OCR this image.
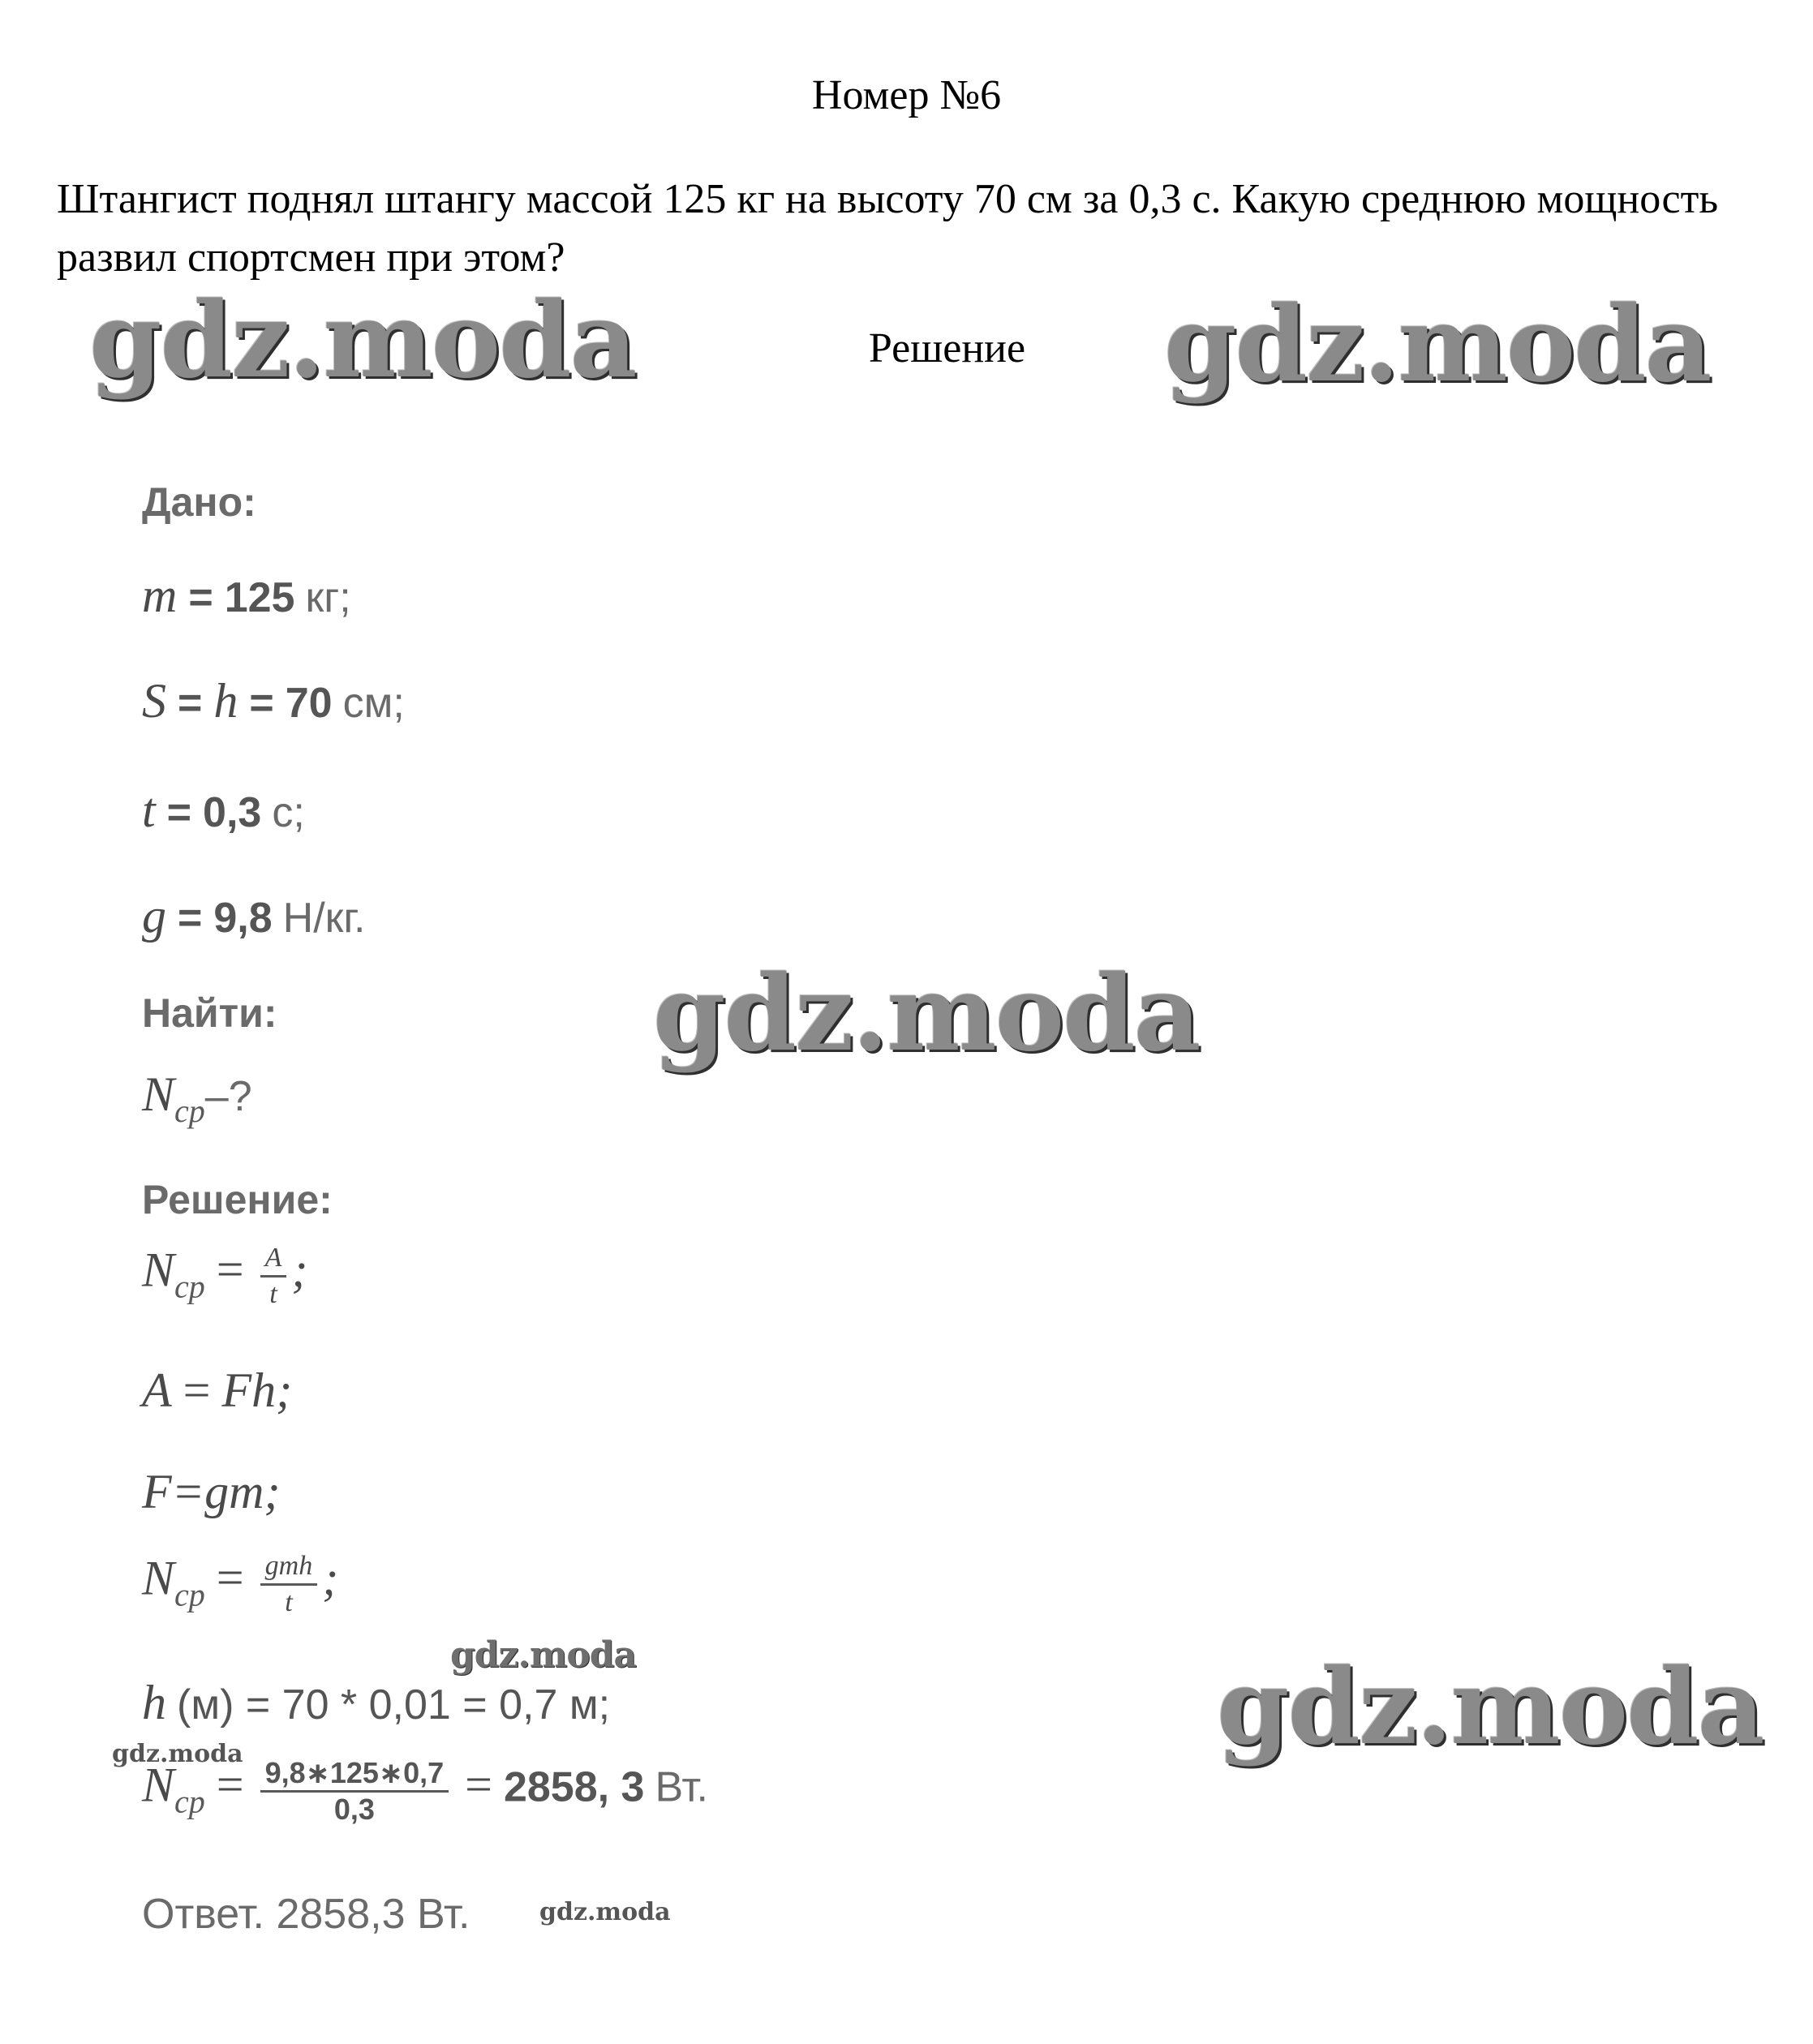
Номер №6
Штангист поднял штангу массой 125 кг на высоту 70 см за 0,3 с. Какую среднюю мощность развил спортсмен при этом?
Решение
gdz.moda	gdz.moda
gdz.moda
gdz.moda
gdz.moda
gdz.moda
gdz.moda
Дано:
m = 125 кг;
S = h = 70 см;
t = 0,3 с;
g = 9,8 Н/кг.
Найти:
$N_{ср}-$?
Решение:
$N_{ср} = \frac{A}{t}$ ;
A = Fh;
F=gm;
$N_{ср} = \frac{\text{gmh}}{t}$ ;
h (м) = 70 * 0,01 = 0,7 м;
$N_{ср} = \frac{9,8∗125∗0,7}{0,3} = 2858$, 3 Вт.
Ответ. 2858,3 Вт.
